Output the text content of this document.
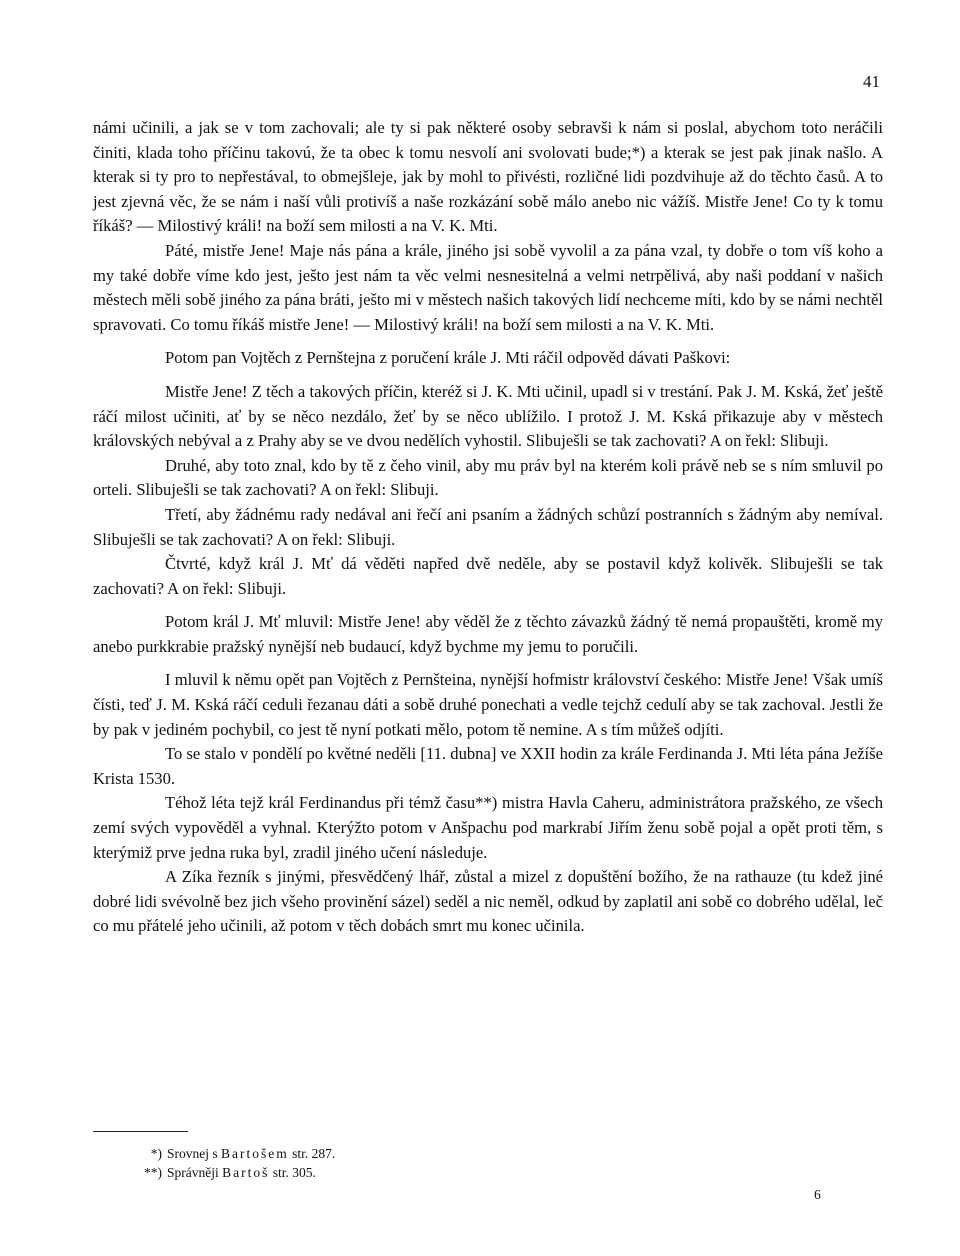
41

námi učinili, a jak se v tom zachovali; ale ty si pak některé osoby sebravši k nám si poslal, abychom toto neráčili činiti, klada toho příčinu takovú, že ta obec k tomu nesvolí ani svolovati bude;*) a kterak se jest pak jinak našlo. A kterak si ty pro to nepřestával, to obmejšleje, jak by mohl to přivésti, rozličné lidi pozdvihuje až do těchto časů. A to jest zjevná věc, že se nám i naší vůli protivíš a naše rozkázání sobě málo anebo nic vážíš. Mistře Jene! Co ty k tomu říkáš? — Milostivý králi! na boží sem milosti a na V. K. Mti.

Páté, mistře Jene! Maje nás pána a krále, jiného jsi sobě vyvolil a za pána vzal, ty dobře o tom víš koho a my také dobře víme kdo jest, ješto jest nám ta věc velmi nesnesitelná a velmi netrpělivá, aby naši poddaní v našich městech měli sobě jiného za pána bráti, ješto mi v městech našich takových lidí nechceme míti, kdo by se námi nechtěl spravovati. Co tomu říkáš mistře Jene! — Milostivý králi! na boží sem milosti a na V. K. Mti.

Potom pan Vojtěch z Pernštejna z poručení krále J. Mti ráčil odpověd dávati Paškovi:

Mistře Jene! Z těch a takových příčin, kteréž si J. K. Mti učinil, upadl si v trestání. Pak J. M. Kská, žeť ještě ráčí milost učiniti, ať by se něco nezdálo, žeť by se něco ublížilo. I protož J. M. Kská přikazuje aby v městech královských nebýval a z Prahy aby se ve dvou nedělích vyhostil. Slibuješli se tak zachovati? A on řekl: Slibuji.

Druhé, aby toto znal, kdo by tě z čeho vinil, aby mu práv byl na kterém koli právě neb se s ním smluvil po orteli. Slibuješli se tak zachovati? A on řekl: Slibuji.

Třetí, aby žádnému rady nedával ani řečí ani psaním a žádných schůzí postranních s žádným aby nemíval. Slibuješli se tak zachovati? A on řekl: Slibuji.

Čtvrté, když král J. Mť dá věděti napřed dvě neděle, aby se postavil když kolivěk. Slibuješli se tak zachovati? A on řekl: Slibuji.

Potom král J. Mť mluvil: Mistře Jene! aby věděl že z těchto závazků žádný tě nemá propauštěti, kromě my anebo purkkrabie pražský nynější neb budaucí, když bychme my jemu to poručili.

I mluvil k němu opět pan Vojtěch z Pernšteina, nynější hofmistr království českého: Mistře Jene! Však umíš čísti, teď J. M. Kská ráčí ceduli řezanau dáti a sobě druhé ponechati a vedle tejchž cedulí aby se tak zachoval. Jestli že by pak v jediném pochybil, co jest tě nyní potkati mělo, potom tě nemine. A s tím můžeš odjíti.

To se stalo v pondělí po květné neděli [11. dubna] ve XXII hodin za krále Ferdinanda J. Mti léta pána Ježíše Krista 1530.

Téhož léta tejž král Ferdinandus při témž času**) mistra Havla Caheru, administrátora pražského, ze všech zemí svých vypověděl a vyhnal. Kterýžto potom v Anšpachu pod markrabí Jiřím ženu sobě pojal a opět proti těm, s kterýmiž prve jedna ruka byl, zradil jiného učení následuje.

A Zíka řezník s jinými, přesvědčený lhář, zůstal a mizel z dopuštění božího, že na rathauze (tu kdež jiné dobré lidi svévolně bez jich všeho provinění sázel) seděl a nic neměl, odkud by zaplatil ani sobě co dobrého udělal, leč co mu přátelé jeho učinili, až potom v těch dobách smrt mu konec učinila.

*) Srovnej s Bartošem str. 287.

**) Správněji Bartoš str. 305.

6
